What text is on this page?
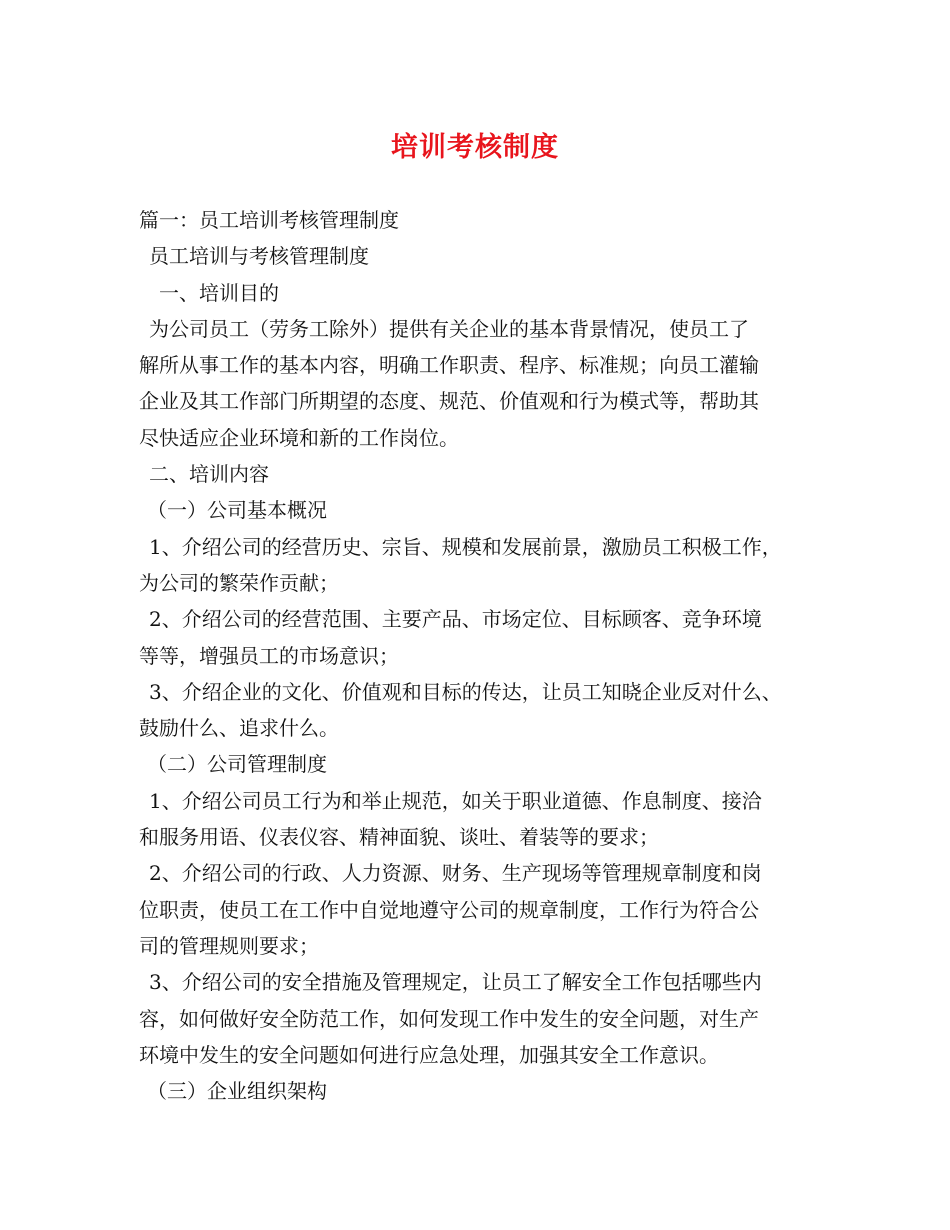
培训考核制度
篇一：员工培训考核管理制度
员工培训与考核管理制度
一、培训目的
为公司员工（劳务工除外）提供有关企业的基本背景情况，使员工了
解所从事工作的基本内容，明确工作职责、程序、标准规；向员工灌输
企业及其工作部门所期望的态度、规范、价值观和行为模式等，帮助其
尽快适应企业环境和新的工作岗位。
二、培训内容
（一）公司基本概况
1、介绍公司的经营历史、宗旨、规模和发展前景，激励员工积极工作，
为公司的繁荣作贡献；
2、介绍公司的经营范围、主要产品、市场定位、目标顾客、竞争环境
等等，增强员工的市场意识；
3、介绍企业的文化、价值观和目标的传达，让员工知晓企业反对什么、
鼓励什么、追求什么。
（二）公司管理制度
1、介绍公司员工行为和举止规范，如关于职业道德、作息制度、接洽
和服务用语、仪表仪容、精神面貌、谈吐、着装等的要求；
2、介绍公司的行政、人力资源、财务、生产现场等管理规章制度和岗
位职责，使员工在工作中自觉地遵守公司的规章制度，工作行为符合公
司的管理规则要求；
3、介绍公司的安全措施及管理规定，让员工了解安全工作包括哪些内
容，如何做好安全防范工作，如何发现工作中发生的安全问题，对生产
环境中发生的安全问题如何进行应急处理，加强其安全工作意识。
（三）企业组织架构
